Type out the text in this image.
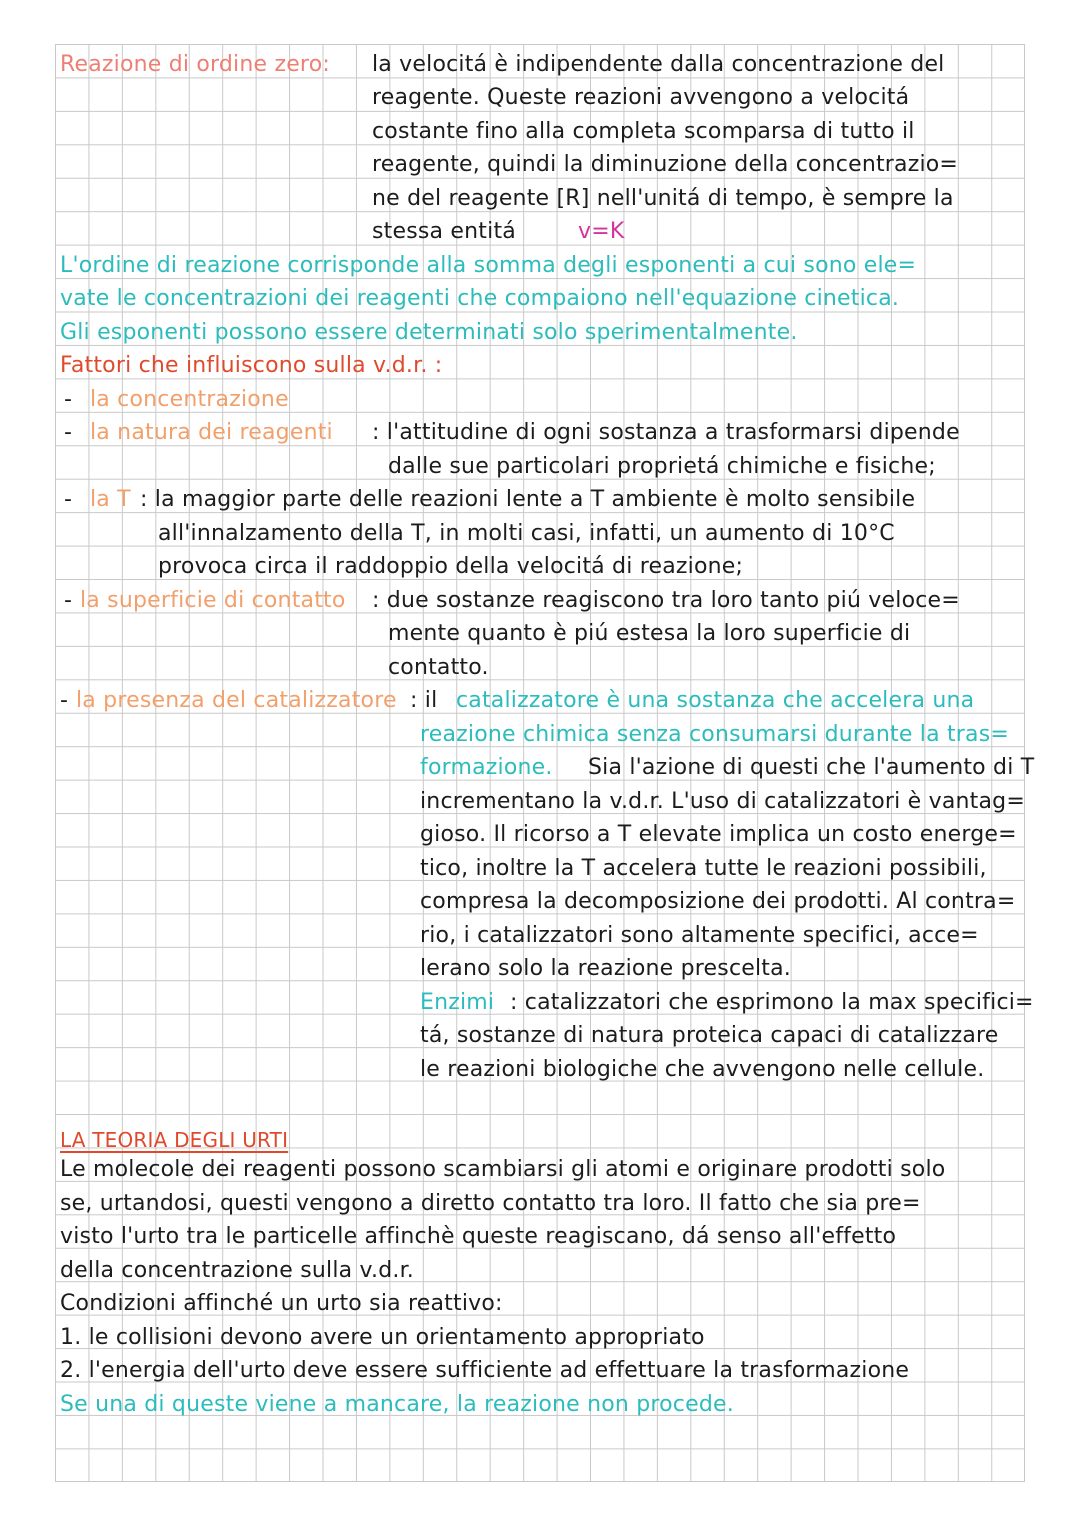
Reazione di ordine zero: la velocitá è indipendente dalla concentrazione del
reagente. Queste reazioni avvengono a velocitá
costante fino alla completa scomparsa di tutto il
reagente, quindi la diminuzione della concentrazio=
ne del reagente [R] nell'unitá di tempo, è sempre la
stessa entitá	v=K
L'ordine di reazione corrisponde alla somma degli esponenti a cui sono ele=
vate le concentrazioni dei reagenti che compaiono nell'equazione cinetica.
Gli esponenti possono essere determinati solo sperimentalmente.
Fattori che influiscono sulla v.d.r. :
- la concentrazione
- la natura dei reagenti : l'attitudine di ogni sostanza a trasformarsi dipende
dalle sue particolari proprietá chimiche e fisiche;
- la T : la maggior parte delle reazioni lente a T ambiente è molto sensibile
all'innalzamento della T, in molti casi, infatti, un aumento di 10°C
provoca circa il raddoppio della velocitá di reazione;
- la superficie di contatto : due sostanze reagiscono tra loro tanto piú veloce=
mente quanto è piú estesa la loro superficie di
contatto.
- la presenza del catalizzatore : il catalizzatore è una sostanza che accelera una
reazione chimica senza consumarsi durante la tras=
formazione. Sia l'azione di questi che l'aumento di T
incrementano la v.d.r. L'uso di catalizzatori è vantag=
gioso. Il ricorso a T elevate implica un costo energe=
tico, inoltre la T accelera tutte le reazioni possibili,
compresa la decomposizione dei prodotti. Al contra=
rio, i catalizzatori sono altamente specifici, acce=
lerano solo la reazione prescelta.
Enzimi : catalizzatori che esprimono la max specifici=
tá, sostanze di natura proteica capaci di catalizzare
le reazioni biologiche che avvengono nelle cellule.
LA TEORIA DEGLI URTI
Le molecole dei reagenti possono scambiarsi gli atomi e originare prodotti solo
se, urtandosi, questi vengono a diretto contatto tra loro. Il fatto che sia pre=
visto l'urto tra le particelle affinchè queste reagiscano, dá senso all'effetto
della concentrazione sulla v.d.r.
Condizioni affinché un urto sia reattivo:
1. le collisioni devono avere un orientamento appropriato
2. l'energia dell'urto deve essere sufficiente ad effettuare la trasformazione
Se una di queste viene a mancare, la reazione non procede.
